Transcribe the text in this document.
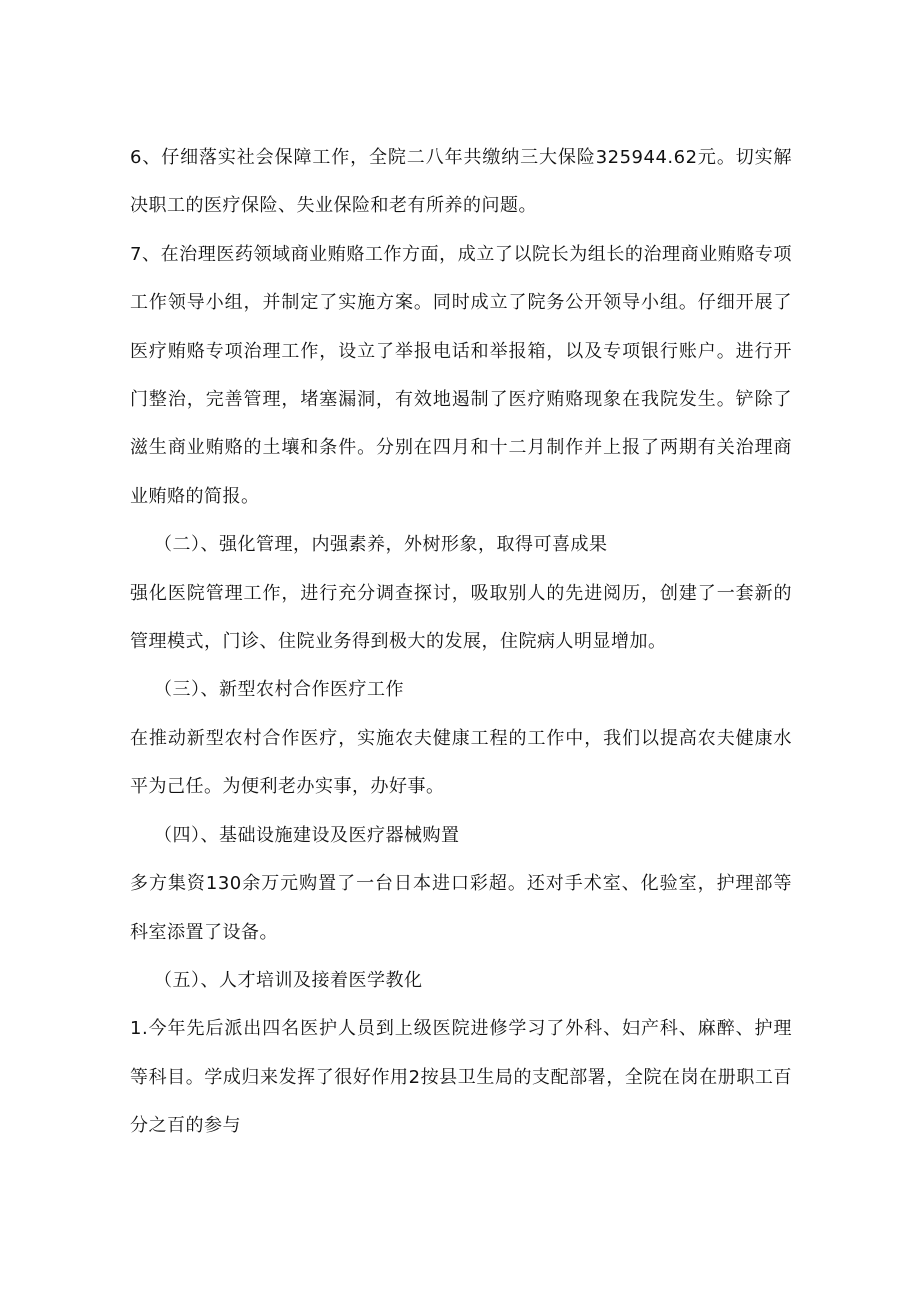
6、仔细落实社会保障工作，全院二八年共缴纳三大保险325944.62元。切实解决职工的医疗保险、失业保险和老有所养的问题。

7、在治理医药领域商业贿赂工作方面，成立了以院长为组长的治理商业贿赂专项工作领导小组，并制定了实施方案。同时成立了院务公开领导小组。仔细开展了医疗贿赂专项治理工作，设立了举报电话和举报箱，以及专项银行账户。进行开门整治，完善管理，堵塞漏洞，有效地遏制了医疗贿赂现象在我院发生。铲除了滋生商业贿赂的土壤和条件。分别在四月和十二月制作并上报了两期有关治理商业贿赂的简报。

（二）、强化管理，内强素养，外树形象，取得可喜成果

强化医院管理工作，进行充分调查探讨，吸取别人的先进阅历，创建了一套新的管理模式，门诊、住院业务得到极大的发展，住院病人明显增加。

（三）、新型农村合作医疗工作

在推动新型农村合作医疗，实施农夫健康工程的工作中，我们以提高农夫健康水平为己任。为便利老办实事，办好事。

（四）、基础设施建设及医疗器械购置

多方集资130余万元购置了一台日本进口彩超。还对手术室、化验室，护理部等科室添置了设备。

（五）、人才培训及接着医学教化

1.今年先后派出四名医护人员到上级医院进修学习了外科、妇产科、麻醉、护理等科目。学成归来发挥了很好作用2按县卫生局的支配部署，全院在岗在册职工百分之百的参与
